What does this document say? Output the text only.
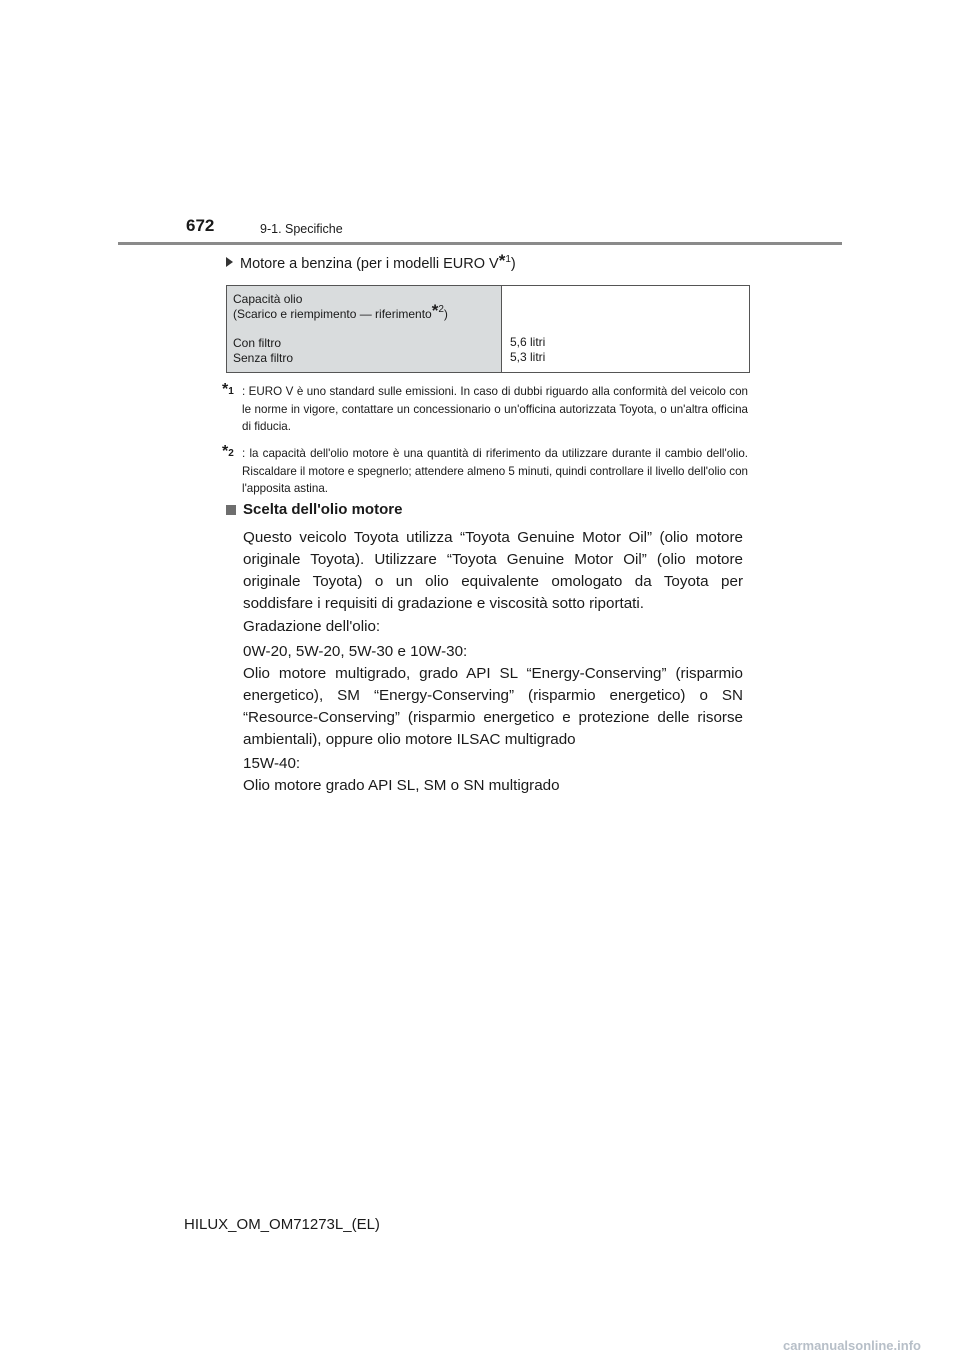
672	9-1. Specifiche
Motore a benzina (per i modelli EURO $V^{*1}$)
Capacità olio
(Scarico e riempimento — riferimento$^{*2}$)
Con filtro
Senza filtro
5,6 litri
5,3 litri
*1 : EURO V è uno standard sulle emissioni. In caso di dubbi riguardo alla conformità del veicolo con le norme in vigore, contattare un concessionario o un'officina autorizzata Toyota, o un'altra officina di fiducia.
*2 : la capacità dell'olio motore è una quantità di riferimento da utilizzare durante il cambio dell'olio. Riscaldare il motore e spegnerlo; attendere almeno 5 minuti, quindi controllare il livello dell'olio con l'apposita astina.
Scelta dell'olio motore
Questo veicolo Toyota utilizza “Toyota Genuine Motor Oil” (olio motore originale Toyota). Utilizzare “Toyota Genuine Motor Oil” (olio motore originale Toyota) o un olio equivalente omologato da Toyota per soddisfare i requisiti di gradazione e viscosità sotto riportati.
Gradazione dell'olio:
0W-20, 5W-20, 5W-30 e 10W-30:
Olio motore multigrado, grado API SL “Energy-Conserving” (risparmio energetico), SM “Energy-Conserving” (risparmio energetico) o SN “Resource-Conserving” (risparmio energetico e protezione delle risorse ambientali), oppure olio motore ILSAC multigrado
15W-40:
Olio motore grado API SL, SM o SN multigrado
HILUX_OM_OM71273L_(EL)
carmanualsonline.info
